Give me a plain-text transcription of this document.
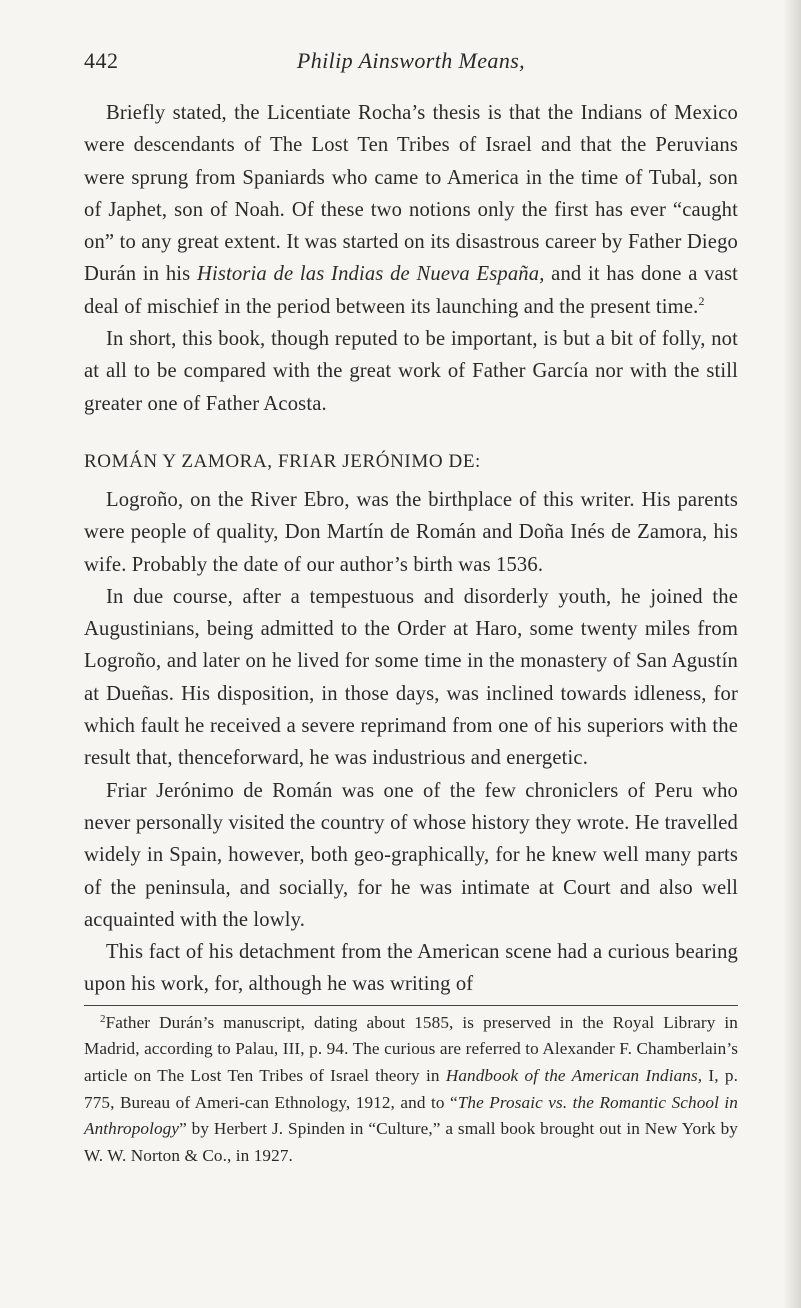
442	Philip Ainsworth Means,

Briefly stated, the Licentiate Rocha’s thesis is that the Indians of Mexico were descendants of The Lost Ten Tribes of Israel and that the Peruvians were sprung from Spaniards who came to America in the time of Tubal, son of Japhet, son of Noah. Of these two notions only the first has ever “caught on” to any great extent. It was started on its disastrous career by Father Diego Durán in his Historia de las Indias de Nueva España, and it has done a vast deal of mischief in the period between its launching and the present time.$^2$

In short, this book, though reputed to be important, is but a bit of folly, not at all to be compared with the great work of Father García nor with the still greater one of Father Acosta.

ROMÁN Y ZAMORA, FRIAR JERÓNIMO DE:

Logroño, on the River Ebro, was the birthplace of this writer. His parents were people of quality, Don Martín de Román and Doña Inés de Zamora, his wife. Probably the date of our author’s birth was 1536.

In due course, after a tempestuous and disorderly youth, he joined the Augustinians, being admitted to the Order at Haro, some twenty miles from Logroño, and later on he lived for some time in the monastery of San Agustín at Dueñas. His disposition, in those days, was inclined towards idleness, for which fault he received a severe reprimand from one of his superiors with the result that, thenceforward, he was industrious and energetic.

Friar Jerónimo de Román was one of the few chroniclers of Peru who never personally visited the country of whose history they wrote. He travelled widely in Spain, however, both geo-graphically, for he knew well many parts of the peninsula, and socially, for he was intimate at Court and also well acquainted with the lowly.

This fact of his detachment from the American scene had a curious bearing upon his work, for, although he was writing of

$^2$Father Durán’s manuscript, dating about 1585, is preserved in the Royal Library in Madrid, according to Palau, III, p. 94. The curious are referred to Alexander F. Chamberlain’s article on The Lost Ten Tribes of Israel theory in Handbook of the American Indians, I, p. 775, Bureau of Ameri-can Ethnology, 1912, and to “The Prosaic vs. the Romantic School in Anthropology” by Herbert J. Spinden in “Culture,” a small book brought out in New York by W. W. Norton & Co., in 1927.
